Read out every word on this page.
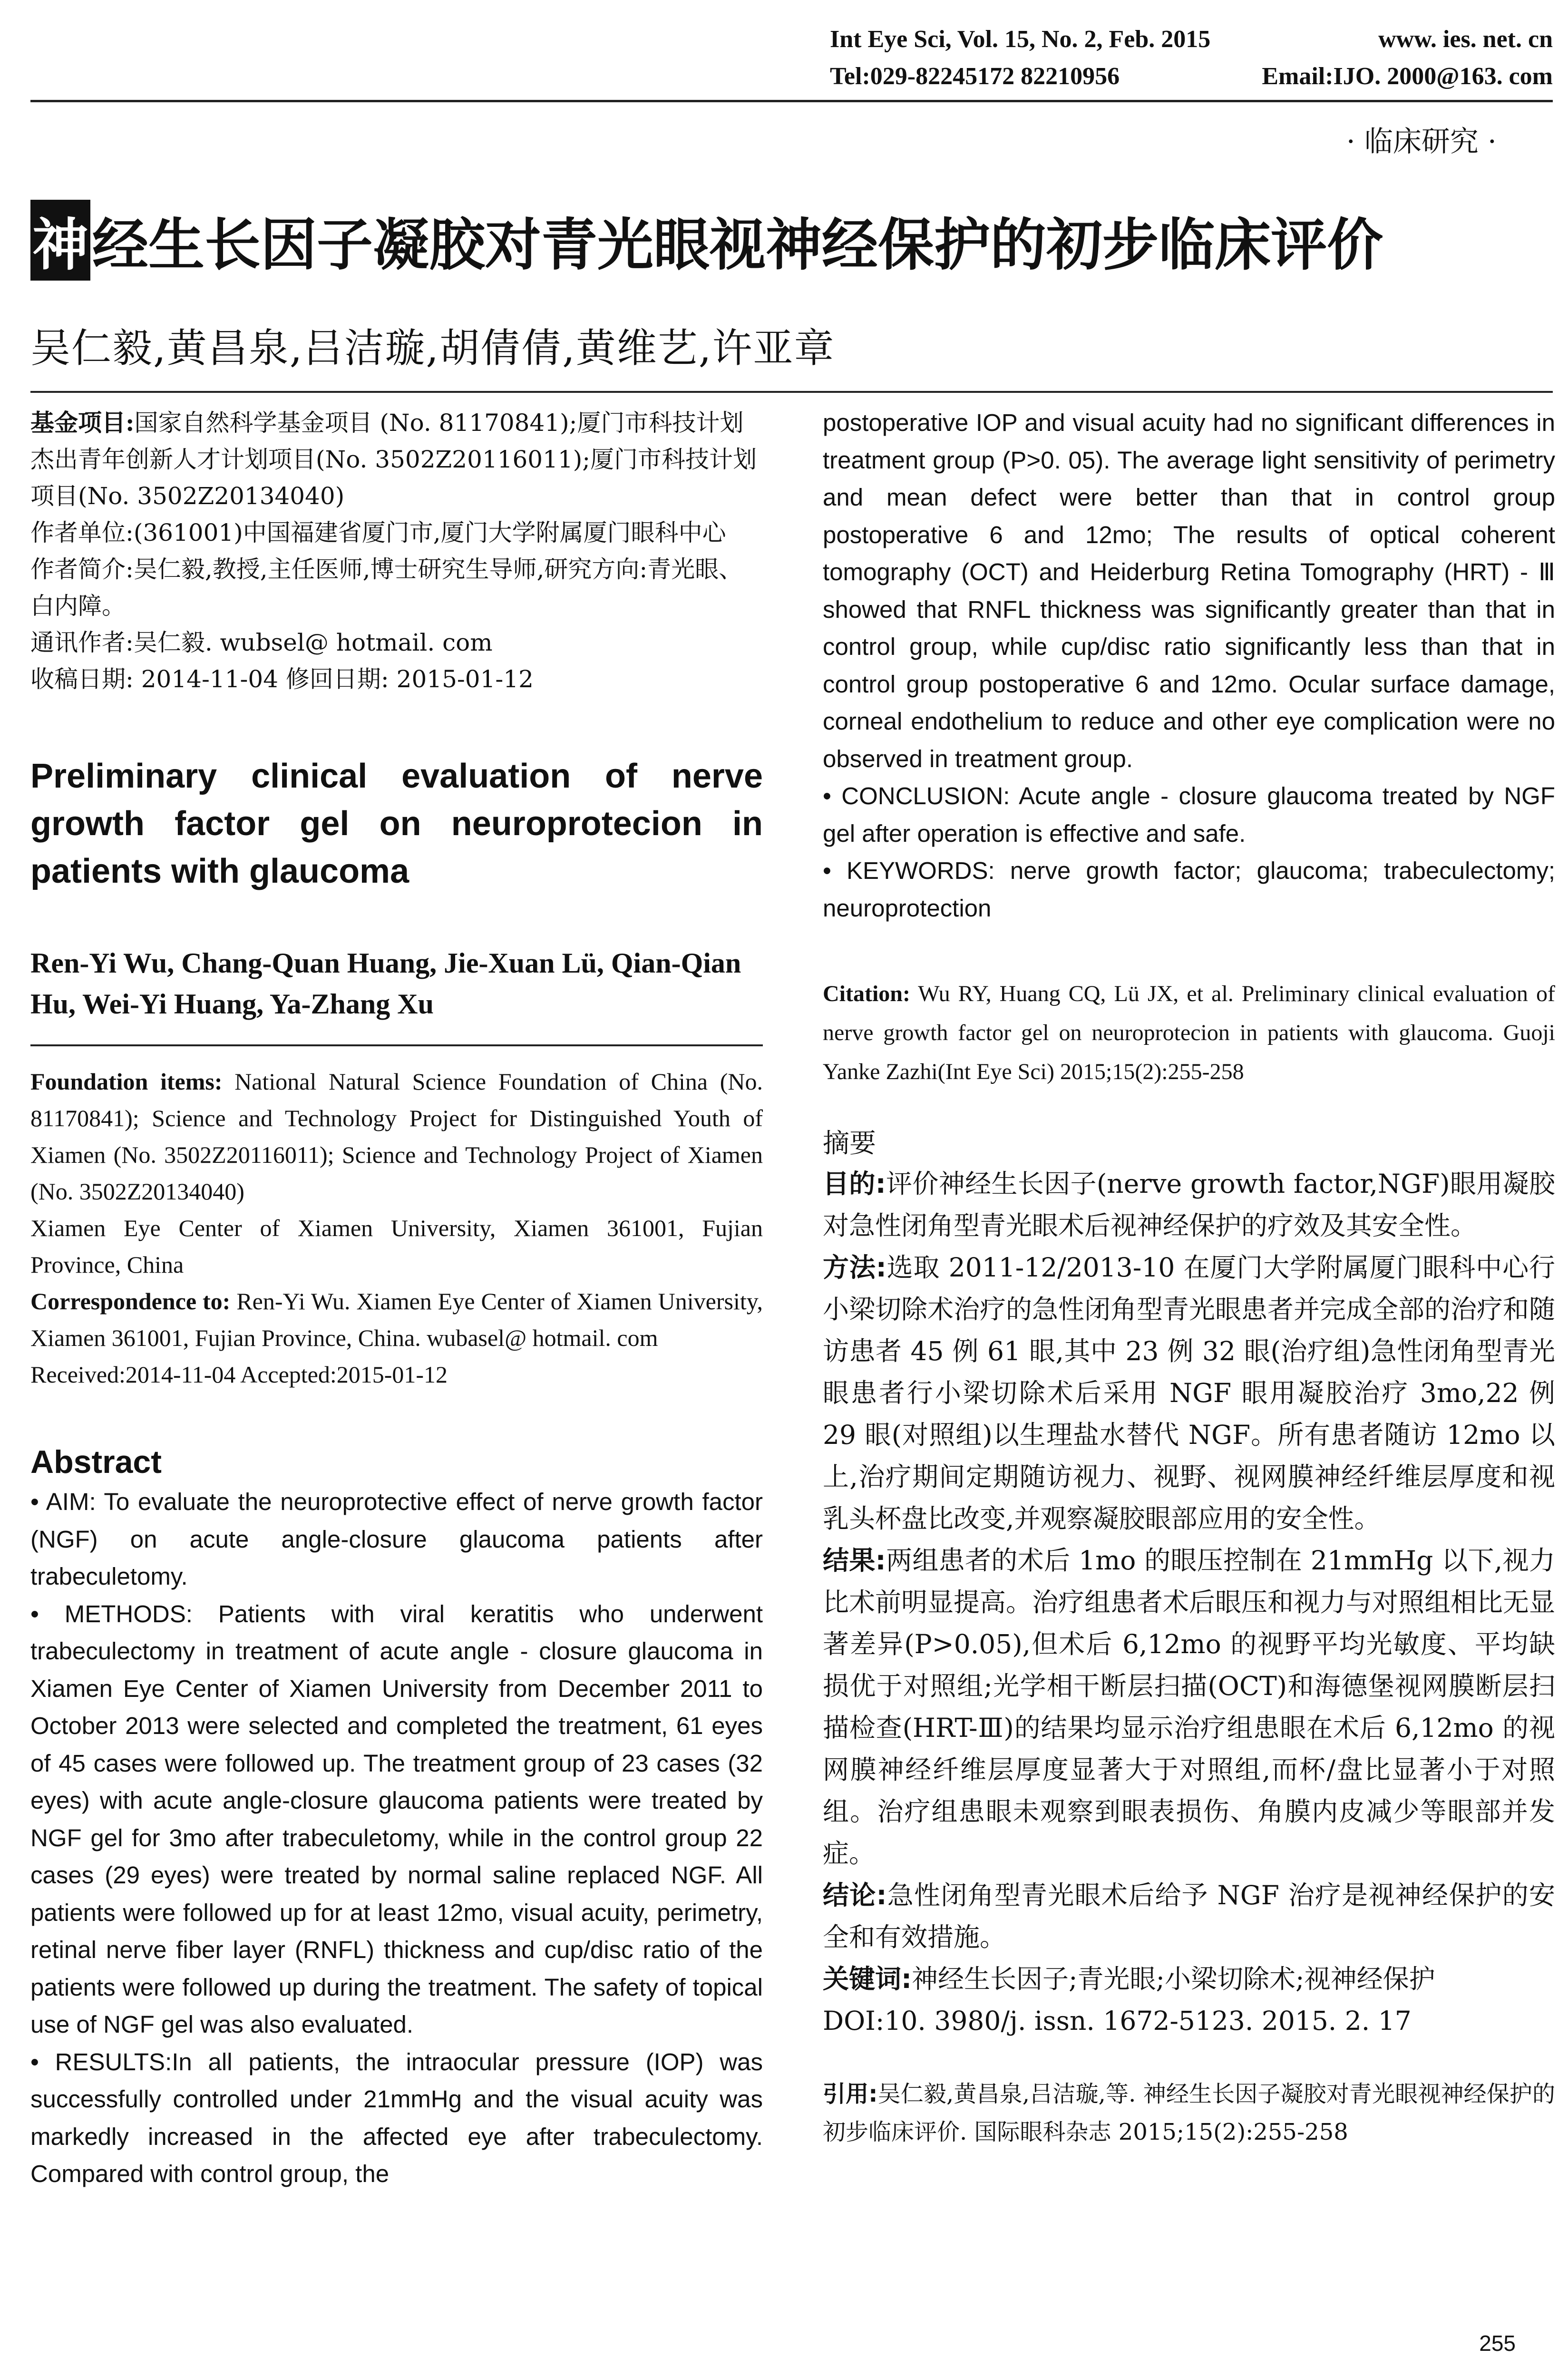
Int Eye Sci, Vol. 15, No. 2, Feb. 2015	www. ies. net. cn
Tel:029-82245172 82210956	Email:IJO. 2000@163. com
· 临床研究 ·
神 经生长因子凝胶对青光眼视神经保护的初步临床评价
吴仁毅,黄昌泉,吕洁璇,胡倩倩,黄维艺,许亚章

基金项目:国家自然科学基金项目 (No. 81170841);厦门市科技计划杰出青年创新人才计划项目(No. 3502Z20116011);厦门市科技计划项目(No. 3502Z20134040)

作者单位:(361001)中国福建省厦门市,厦门大学附属厦门眼科中心

作者简介:吴仁毅,教授,主任医师,博士研究生导师,研究方向:青光眼、白内障。

通讯作者:吴仁毅. wubsel@ hotmail. com

收稿日期: 2014-11-04 修回日期: 2015-01-12

Preliminary clinical evaluation of nerve growth factor gel on neuroprotecion in patients with glaucoma
Ren-Yi Wu, Chang-Quan Huang, Jie-Xuan Lü, Qian-Qian Hu, Wei-Yi Huang, Ya-Zhang Xu

Foundation items: National Natural Science Foundation of China (No. 81170841); Science and Technology Project for Distinguished Youth of Xiamen (No. 3502Z20116011); Science and Technology Project of Xiamen (No. 3502Z20134040)

Xiamen Eye Center of Xiamen University, Xiamen 361001, Fujian Province, China

Correspondence to: Ren-Yi Wu. Xiamen Eye Center of Xiamen University, Xiamen 361001, Fujian Province, China. wubasel@ hotmail. com

Received:2014-11-04 Accepted:2015-01-12

Abstract

• AIM: To evaluate the neuroprotective effect of nerve growth factor (NGF) on acute angle-closure glaucoma patients after trabeculetomy.

• METHODS: Patients with viral keratitis who underwent trabeculectomy in treatment of acute angle - closure glaucoma in Xiamen Eye Center of Xiamen University from December 2011 to October 2013 were selected and completed the treatment, 61 eyes of 45 cases were followed up. The treatment group of 23 cases (32 eyes) with acute angle-closure glaucoma patients were treated by NGF gel for 3mo after trabeculetomy, while in the control group 22 cases (29 eyes) were treated by normal saline replaced NGF. All patients were followed up for at least 12mo, visual acuity, perimetry, retinal nerve fiber layer (RNFL) thickness and cup/disc ratio of the patients were followed up during the treatment. The safety of topical use of NGF gel was also evaluated.

• RESULTS:In all patients, the intraocular pressure (IOP) was successfully controlled under 21mmHg and the visual acuity was markedly increased in the affected eye after trabeculectomy. Compared with control group, the

postoperative IOP and visual acuity had no significant differences in treatment group (P>0. 05). The average light sensitivity of perimetry and mean defect were better than that in control group postoperative 6 and 12mo; The results of optical coherent tomography (OCT) and Heiderburg Retina Tomography (HRT) - Ⅲ showed that RNFL thickness was significantly greater than that in control group, while cup/disc ratio significantly less than that in control group postoperative 6 and 12mo. Ocular surface damage, corneal endothelium to reduce and other eye complication were no observed in treatment group.

• CONCLUSION: Acute angle - closure glaucoma treated by NGF gel after operation is effective and safe.

• KEYWORDS: nerve growth factor; glaucoma; trabeculectomy; neuroprotection

Citation: Wu RY, Huang CQ, Lü JX, et al. Preliminary clinical evaluation of nerve growth factor gel on neuroprotecion in patients with glaucoma. Guoji Yanke Zazhi(Int Eye Sci) 2015;15(2):255-258
摘要

目的:评价神经生长因子(nerve growth factor,NGF)眼用凝胶对急性闭角型青光眼术后视神经保护的疗效及其安全性。

方法:选取 2011-12/2013-10 在厦门大学附属厦门眼科中心行小梁切除术治疗的急性闭角型青光眼患者并完成全部的治疗和随访患者 45 例 61 眼,其中 23 例 32 眼(治疗组)急性闭角型青光眼患者行小梁切除术后采用 NGF 眼用凝胶治疗 3mo,22 例 29 眼(对照组)以生理盐水替代 NGF。所有患者随访 12mo 以上,治疗期间定期随访视力、视野、视网膜神经纤维层厚度和视乳头杯盘比改变,并观察凝胶眼部应用的安全性。

结果:两组患者的术后 1mo 的眼压控制在 21mmHg 以下,视力比术前明显提高。治疗组患者术后眼压和视力与对照组相比无显著差异(P>0.05),但术后 6,12mo 的视野平均光敏度、平均缺损优于对照组;光学相干断层扫描(OCT)和海德堡视网膜断层扫描检查(HRT-Ⅲ)的结果均显示治疗组患眼在术后 6,12mo 的视网膜神经纤维层厚度显著大于对照组,而杯/盘比显著小于对照组。治疗组患眼未观察到眼表损伤、角膜内皮减少等眼部并发症。

结论:急性闭角型青光眼术后给予 NGF 治疗是视神经保护的安全和有效措施。

关键词:神经生长因子;青光眼;小梁切除术;视神经保护

DOI:10. 3980/j. issn. 1672-5123. 2015. 2. 17

引用:吴仁毅,黄昌泉,吕洁璇,等. 神经生长因子凝胶对青光眼视神经保护的初步临床评价. 国际眼科杂志 2015;15(2):255-258
255
